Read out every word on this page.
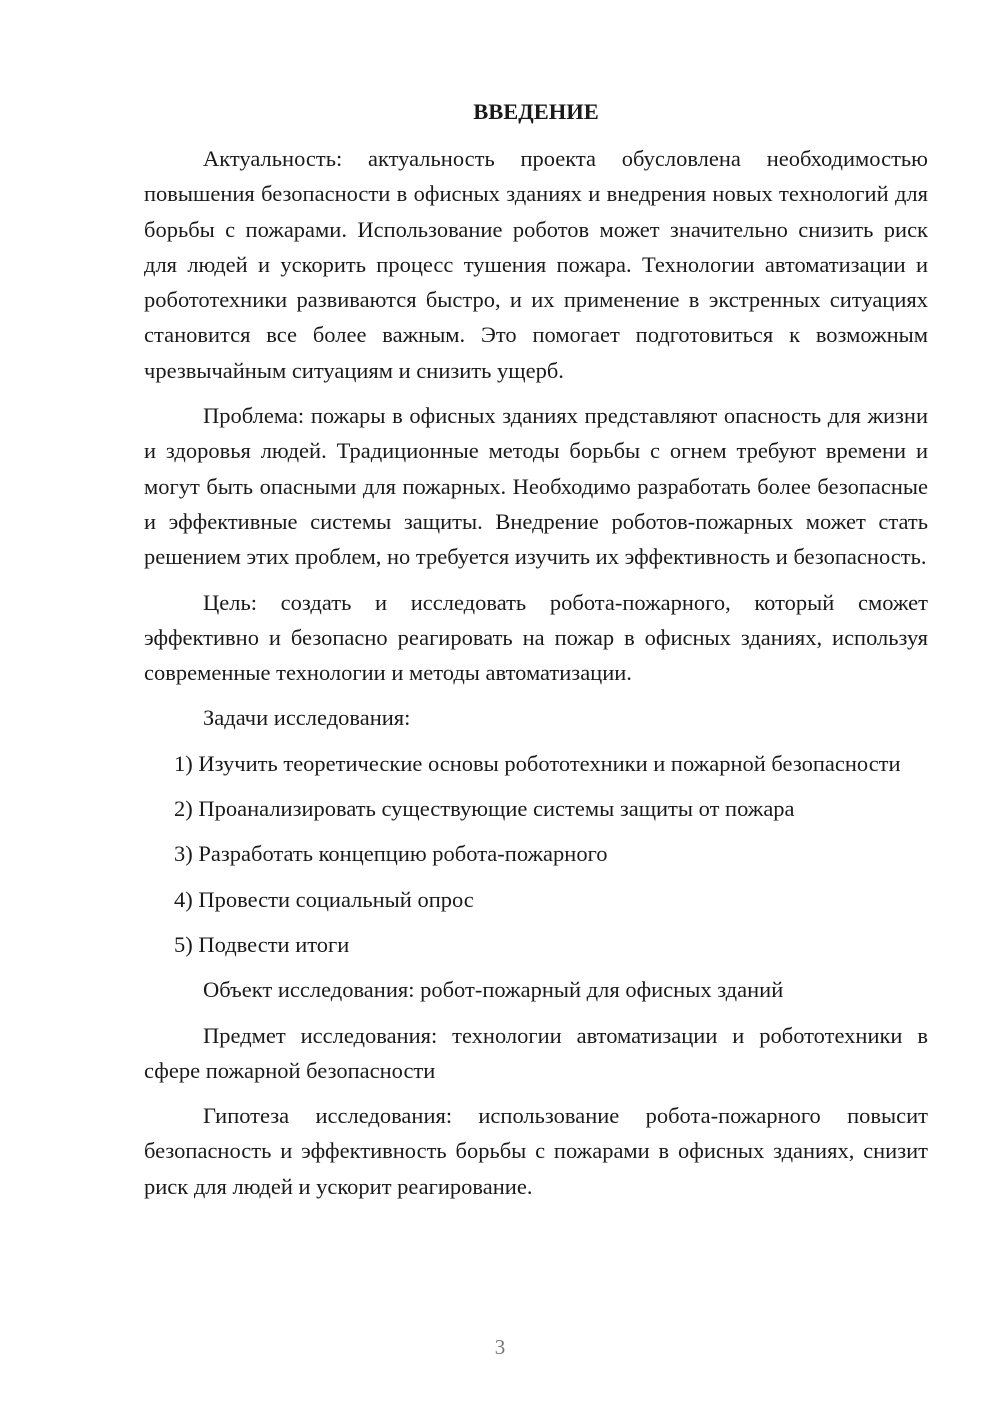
ВВЕДЕНИЕ

Актуальность: актуальность проекта обусловлена необходимостью повышения безопасности в офисных зданиях и внедрения новых технологий для борьбы с пожарами. Использование роботов может значительно снизить риск для людей и ускорить процесс тушения пожара. Технологии автоматизации и робототехники развиваются быстро, и их применение в экстренных ситуациях становится все более важным. Это помогает подготовиться к возможным чрезвычайным ситуациям и снизить ущерб.

Проблема: пожары в офисных зданиях представляют опасность для жизни и здоровья людей. Традиционные методы борьбы с огнем требуют времени и могут быть опасными для пожарных. Необходимо разработать более безопасные и эффективные системы защиты. Внедрение роботов-пожарных может стать решением этих проблем, но требуется изучить их эффективность и безопасность.

Цель: создать и исследовать робота-пожарного, который сможет эффективно и безопасно реагировать на пожар в офисных зданиях, используя современные технологии и методы автоматизации.

Задачи исследования:

1) Изучить теоретические основы робототехники и пожарной безопасности

2) Проанализировать существующие системы защиты от пожара

3) Разработать концепцию робота-пожарного

4) Провести социальный опрос

5) Подвести итоги

Объект исследования: робот-пожарный для офисных зданий

Предмет исследования: технологии автоматизации и робототехники в сфере пожарной безопасности

Гипотеза исследования: использование робота-пожарного повысит безопасность и эффективность борьбы с пожарами в офисных зданиях, снизит риск для людей и ускорит реагирование.

3
